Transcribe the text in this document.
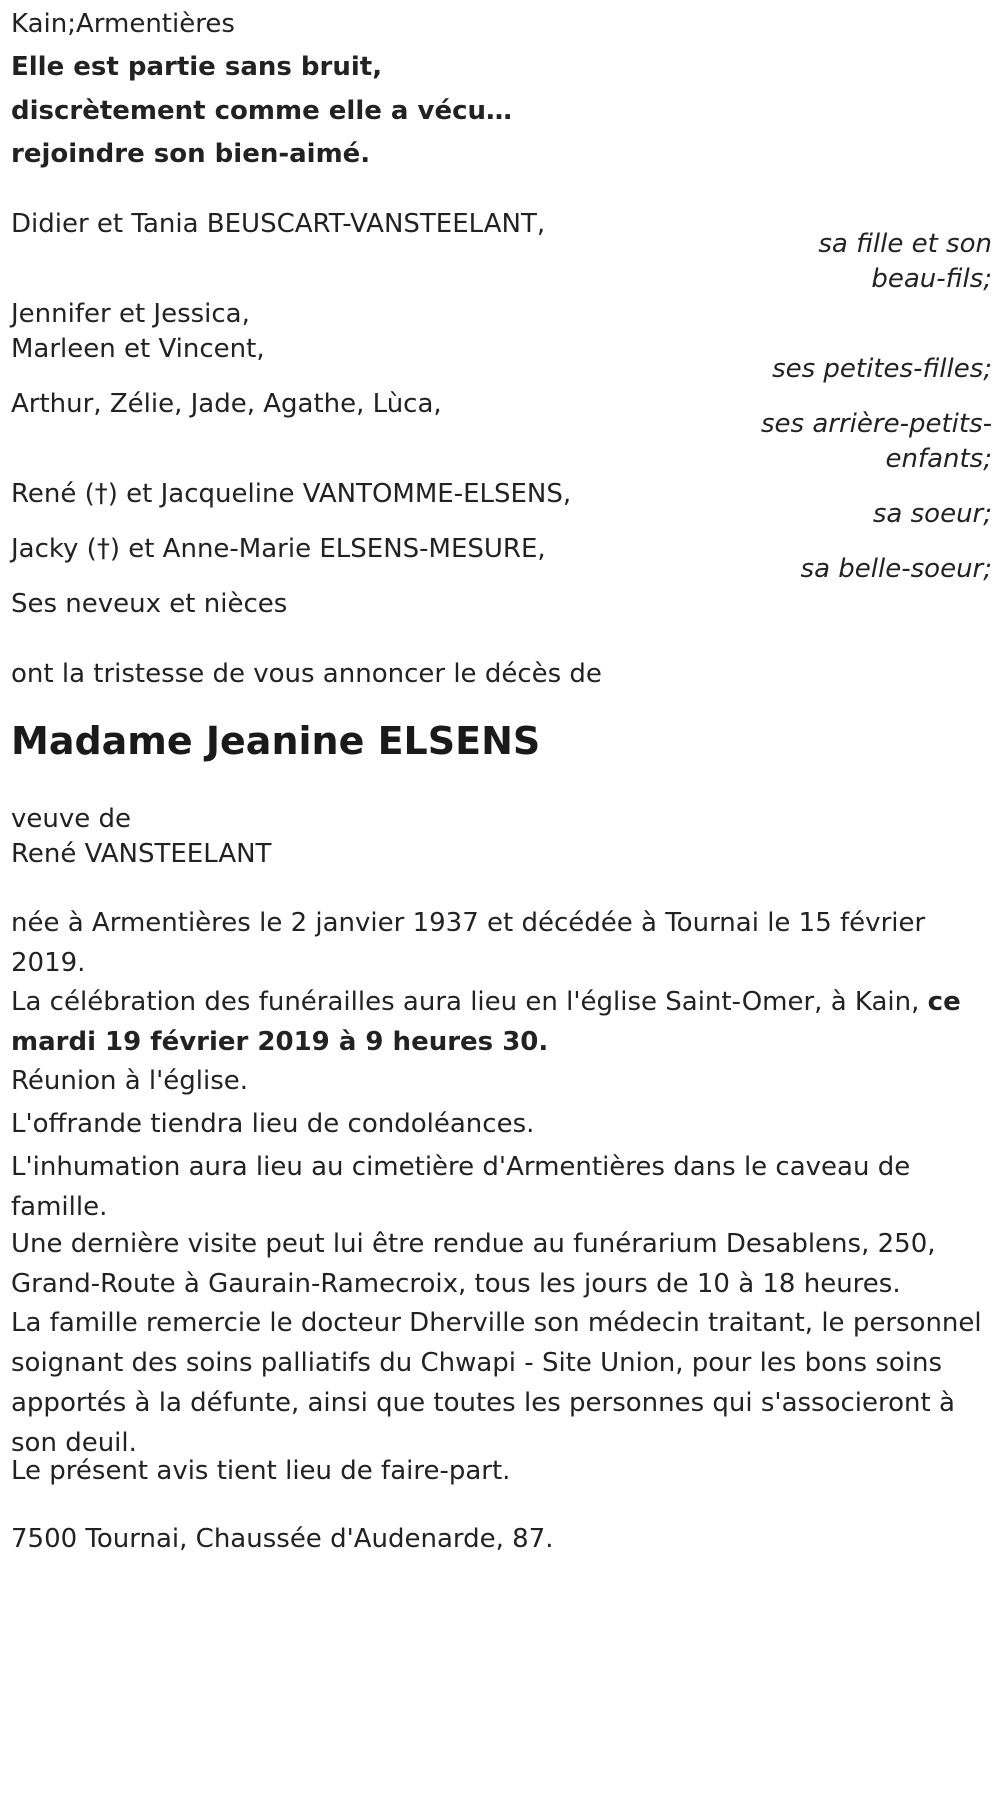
Kain;Armentières
Elle est partie sans bruit,
discrètement comme elle a vécu…
rejoindre son bien-aimé.
Didier et Tania BEUSCART-VANSTEELANT,
sa fille et son
beau-fils;
Jennifer et Jessica,
Marleen et Vincent,
ses petites-filles;
Arthur, Zélie, Jade, Agathe, Lùca,
ses arrière-petits-
enfants;
René (†) et Jacqueline VANTOMME-ELSENS,
sa soeur;
Jacky (†) et Anne-Marie ELSENS-MESURE,
sa belle-soeur;
Ses neveux et nièces
ont la tristesse de vous annoncer le décès de
Madame Jeanine ELSENS
veuve de
René VANSTEELANT
née à Armentières le 2 janvier 1937 et décédée à Tournai le 15 février 2019.
La célébration des funérailles aura lieu en l'église Saint-Omer, à Kain, ce mardi 19 février 2019 à 9 heures 30.
Réunion à l'église.
L'offrande tiendra lieu de condoléances.
L'inhumation aura lieu au cimetière d'Armentières dans le caveau de famille.
Une dernière visite peut lui être rendue au funérarium Desablens, 250, Grand-Route à Gaurain-Ramecroix, tous les jours de 10 à 18 heures.
La famille remercie le docteur Dherville son médecin traitant, le personnel soignant des soins palliatifs du Chwapi - Site Union, pour les bons soins apportés à la défunte, ainsi que toutes les personnes qui s'associeront à son deuil.
Le présent avis tient lieu de faire-part.
7500 Tournai, Chaussée d'Audenarde, 87.
